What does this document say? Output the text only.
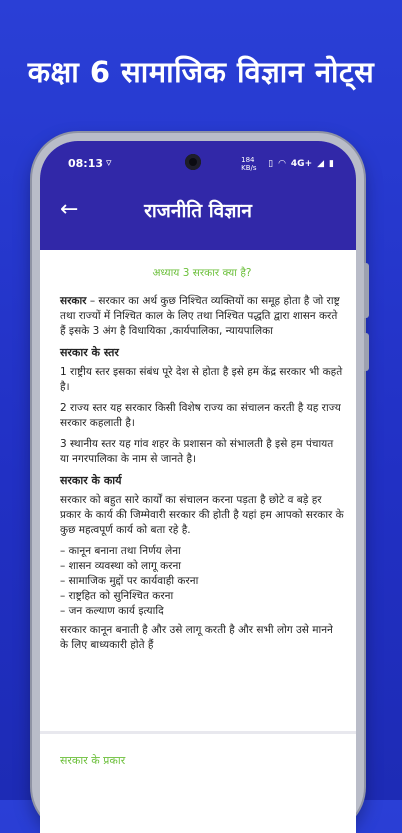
कक्षा 6 सामाजिक विज्ञान नोट्स
08:13 ▿	184 KB/s	▯ ◠ 4G+ ◢ ▮
←	राजनीति विज्ञान
अध्याय 3 सरकार क्या है?

सरकार – सरकार का अर्थ कुछ निश्चित व्यक्तियों का समूह होता है जो राष्ट्र तथा राज्यों में निश्चित काल के लिए तथा निश्चित पद्धति द्वारा शासन करते हैं इसके 3 अंग है विधायिका ,कार्यपालिका, न्यायपालिका

सरकार के स्तर

1 राष्ट्रीय स्तर इसका संबंध पूरे देश से होता है इसे हम केंद्र सरकार भी कहते है।

2 राज्य स्तर यह सरकार किसी विशेष राज्य का संचालन करती है यह राज्य सरकार कहलाती है।

3 स्थानीय स्तर यह गांव शहर के प्रशासन को संभालती है इसे हम पंचायत या नगरपालिका के नाम से जानते है।

सरकार के कार्य

सरकार को बहुत सारे कार्यों का संचालन करना पड़ता है छोटे व बड़े हर प्रकार के कार्य की जिम्मेवारी सरकार की होती है यहां हम आपको सरकार के कुछ महत्वपूर्ण कार्य को बता रहे है.

– कानून बनाना तथा निर्णय लेना
– शासन व्यवस्था को लागू करना
– सामाजिक मुद्दों पर कार्यवाही करना
– राष्ट्रहित को सुनिश्चित करना
– जन कल्याण कार्य इत्यादि

सरकार कानून बनाती है और उसे लागू करती है और सभी लोग उसे मानने के लिए बाध्यकारी होते हैं

सरकार के प्रकार
